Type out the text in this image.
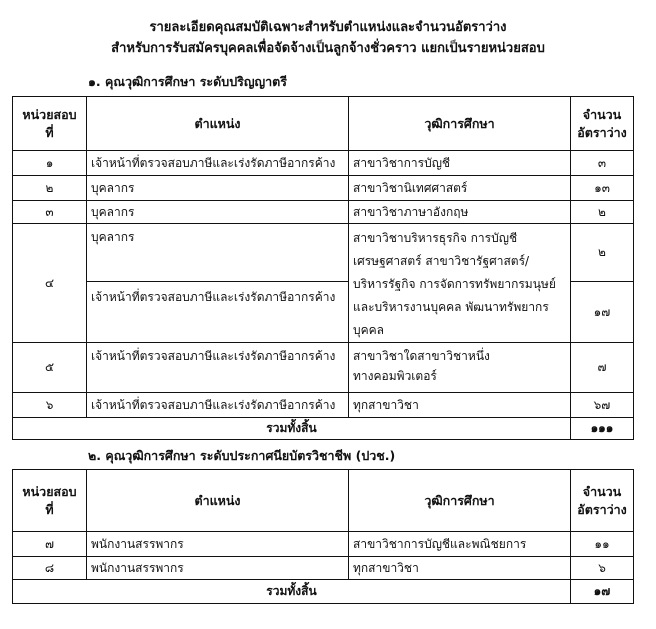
รายละเอียดคุณสมบัติเฉพาะสำหรับตำแหน่งและจำนวนอัตราว่าง
สำหรับการรับสมัครบุคคลเพื่อจัดจ้างเป็นลูกจ้างชั่วคราว แยกเป็นรายหน่วยสอบ
๑. คุณวุฒิการศึกษา ระดับปริญญาตรี
หน่วยสอบ ที่	ตำแหน่ง	วุฒิการศึกษา	จำนวน อัตราว่าง
๑	เจ้าหน้าที่ตรวจสอบภาษีและเร่งรัดภาษีอากรค้าง	สาขาวิชาการบัญชี	๓
๒	บุคลากร	สาขาวิชานิเทศศาสตร์	๑๓
๓	บุคลากร	สาขาวิชาภาษาอังกฤษ	๒
๔	บุคลากร	สาขาวิชาบริหารธุรกิจ การบัญชี
เศรษฐศาสตร์ สาขาวิชารัฐศาสตร์/
บริหารรัฐกิจ การจัดการทรัพยากรมนุษย์
และบริหารงานบุคคล พัฒนาทรัพยากรบุคคล	๒
	เจ้าหน้าที่ตรวจสอบภาษีและเร่งรัดภาษีอากรค้าง		๑๗
๕	เจ้าหน้าที่ตรวจสอบภาษีและเร่งรัดภาษีอากรค้าง	สาขาวิชาใดสาขาวิชาหนึ่ง
ทางคอมพิวเตอร์	๗
๖	เจ้าหน้าที่ตรวจสอบภาษีและเร่งรัดภาษีอากรค้าง	ทุกสาขาวิชา	๖๗
รวมทั้งสิ้น			๑๑๑
๒. คุณวุฒิการศึกษา ระดับประกาศนียบัตรวิชาชีพ (ปวช.)
หน่วยสอบ ที่	ตำแหน่ง	วุฒิการศึกษา	จำนวน อัตราว่าง
๗	พนักงานสรรพากร	สาขาวิชาการบัญชีและพณิชยการ	๑๑
๘	พนักงานสรรพากร	ทุกสาขาวิชา	๖
รวมทั้งสิ้น			๑๗
